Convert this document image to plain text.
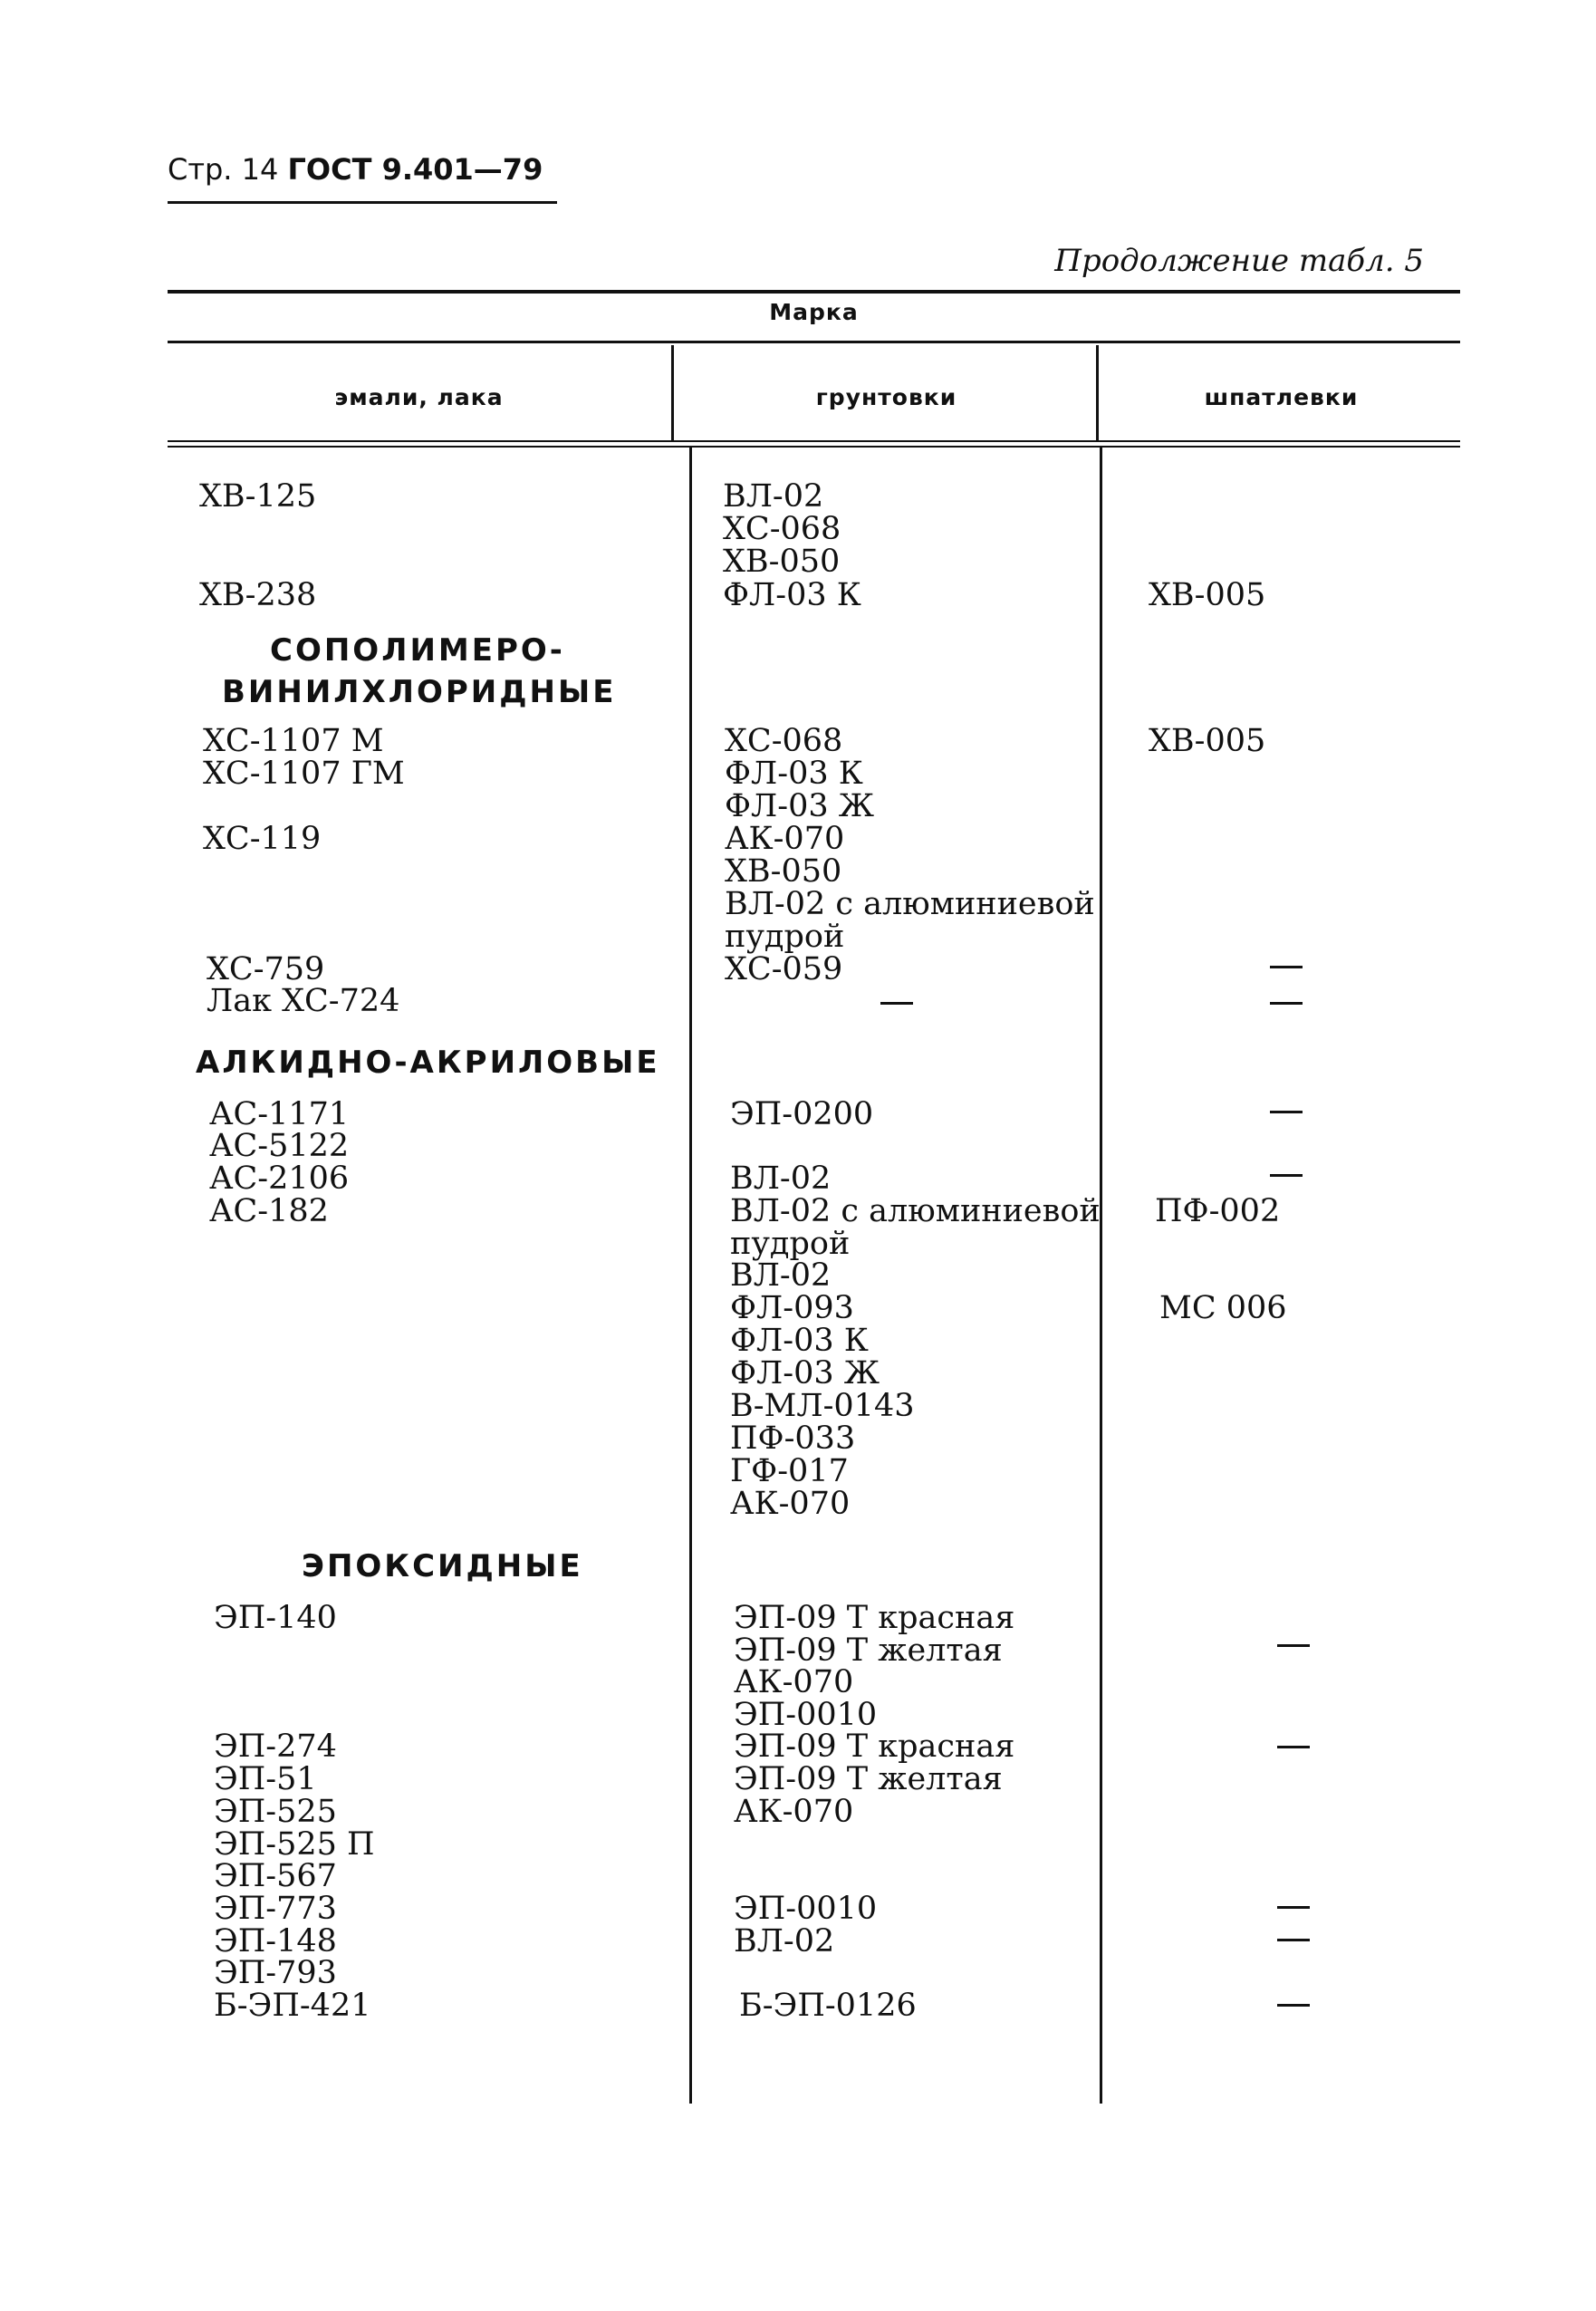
Стр. 14 ГОСТ 9.401—79
Продолжение табл. 5
Марка
эмали, лака	грунтовки	шпатлевки
ХВ-125
ХВ-238
СОПОЛИМЕРО-
ВИНИЛХЛОРИДНЫЕ
ХС-1107 М
ХС-1107 ГМ
ХС-119
ХС-759
Лак ХС-724
АЛКИДНО-АКРИЛОВЫЕ
АС-1171
АС-5122
АС-2106
АС-182
ЭПОКСИДНЫЕ
ЭП-140
ЭП-274
ЭП-51
ЭП-525
ЭП-525 П
ЭП-567
ЭП-773
ЭП-148
ЭП-793
Б-ЭП-421
ВЛ-02
ХС-068
ХВ-050
ФЛ-03 К
ХС-068
ФЛ-03 К
ФЛ-03 Ж
АК-070
ХВ-050
ВЛ-02 с алюминиевой
пудрой
ХС-059
ЭП-0200
ВЛ-02
ВЛ-02 с алюминиевой
пудрой
ВЛ-02
ФЛ-093
ФЛ-03 К
ФЛ-03 Ж
В-МЛ-0143
ПФ-033
ГФ-017
АК-070
ЭП-09 Т красная
ЭП-09 Т желтая
АК-070
ЭП-0010
ЭП-09 Т красная
ЭП-09 Т желтая
АК-070
ЭП-0010
ВЛ-02
Б-ЭП-0126
ХВ-005
ХВ-005
ПФ-002
МС 006
